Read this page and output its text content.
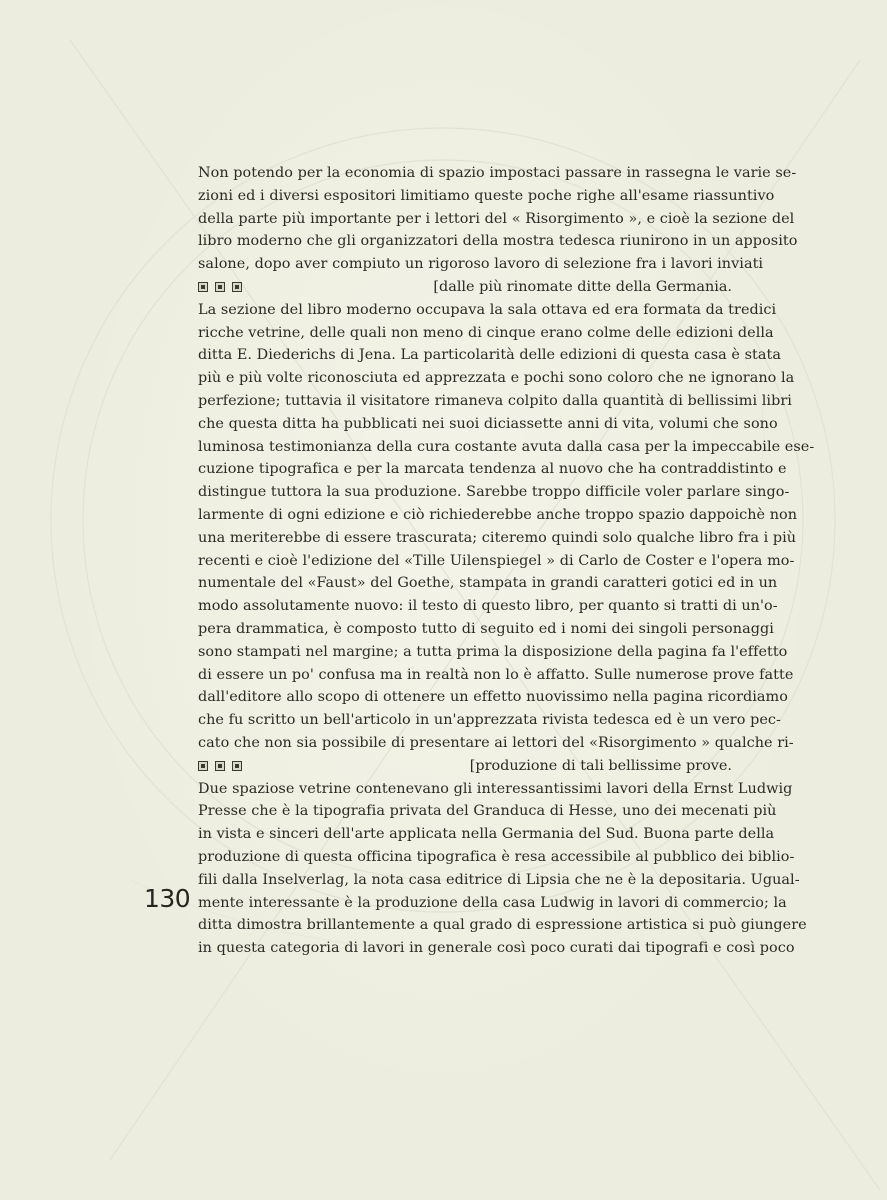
Non potendo per la economia di spazio impostaci passare in rassegna le varie se-
zioni ed i diversi espositori limitiamo queste poche righe all'esame riassuntivo
della parte più importante per i lettori del « Risorgimento », e cioè la sezione del
libro moderno che gli organizzatori della mostra tedesca riunirono in un apposito
salone, dopo aver compiuto un rigoroso lavoro di selezione fra i lavori inviati
[dalle più rinomate ditte della Germania.
La sezione del libro moderno occupava la sala ottava ed era formata da tredici
ricche vetrine, delle quali non meno di cinque erano colme delle edizioni della
ditta E. Diederichs di Jena. La particolarità delle edizioni di questa casa è stata
più e più volte riconosciuta ed apprezzata e pochi sono coloro che ne ignorano la
perfezione; tuttavia il visitatore rimaneva colpito dalla quantità di bellissimi libri
che questa ditta ha pubblicati nei suoi diciassette anni di vita, volumi che sono
luminosa testimonianza della cura costante avuta dalla casa per la impeccabile ese-
cuzione tipografica e per la marcata tendenza al nuovo che ha contraddistinto e
distingue tuttora la sua produzione. Sarebbe troppo difficile voler parlare singo-
larmente di ogni edizione e ciò richiederebbe anche troppo spazio dappoichè non
una meriterebbe di essere trascurata; citeremo quindi solo qualche libro fra i più
recenti e cioè l'edizione del «Tille Uilenspiegel » di Carlo de Coster e l'opera mo-
numentale del «Faust» del Goethe, stampata in grandi caratteri gotici ed in un
modo assolutamente nuovo: il testo di questo libro, per quanto si tratti di un'o-
pera drammatica, è composto tutto di seguito ed i nomi dei singoli personaggi
sono stampati nel margine; a tutta prima la disposizione della pagina fa l'effetto
di essere un po' confusa ma in realtà non lo è affatto. Sulle numerose prove fatte
dall'editore allo scopo di ottenere un effetto nuovissimo nella pagina ricordiamo
che fu scritto un bell'articolo in un'apprezzata rivista tedesca ed è un vero pec-
cato che non sia possibile di presentare ai lettori del «Risorgimento » qualche ri-
[produzione di tali bellissime prove.
Due spaziose vetrine contenevano gli interessantissimi lavori della Ernst Ludwig
Presse che è la tipografia privata del Granduca di Hesse, uno dei mecenati più
in vista e sinceri dell'arte applicata nella Germania del Sud. Buona parte della
produzione di questa officina tipografica è resa accessibile al pubblico dei biblio-
fili dalla Inselverlag, la nota casa editrice di Lipsia che ne è la depositaria. Ugual-
mente interessante è la produzione della casa Ludwig in lavori di commercio; la
ditta dimostra brillantemente a qual grado di espressione artistica si può giungere
in questa categoria di lavori in generale così poco curati dai tipografi e così poco
130
